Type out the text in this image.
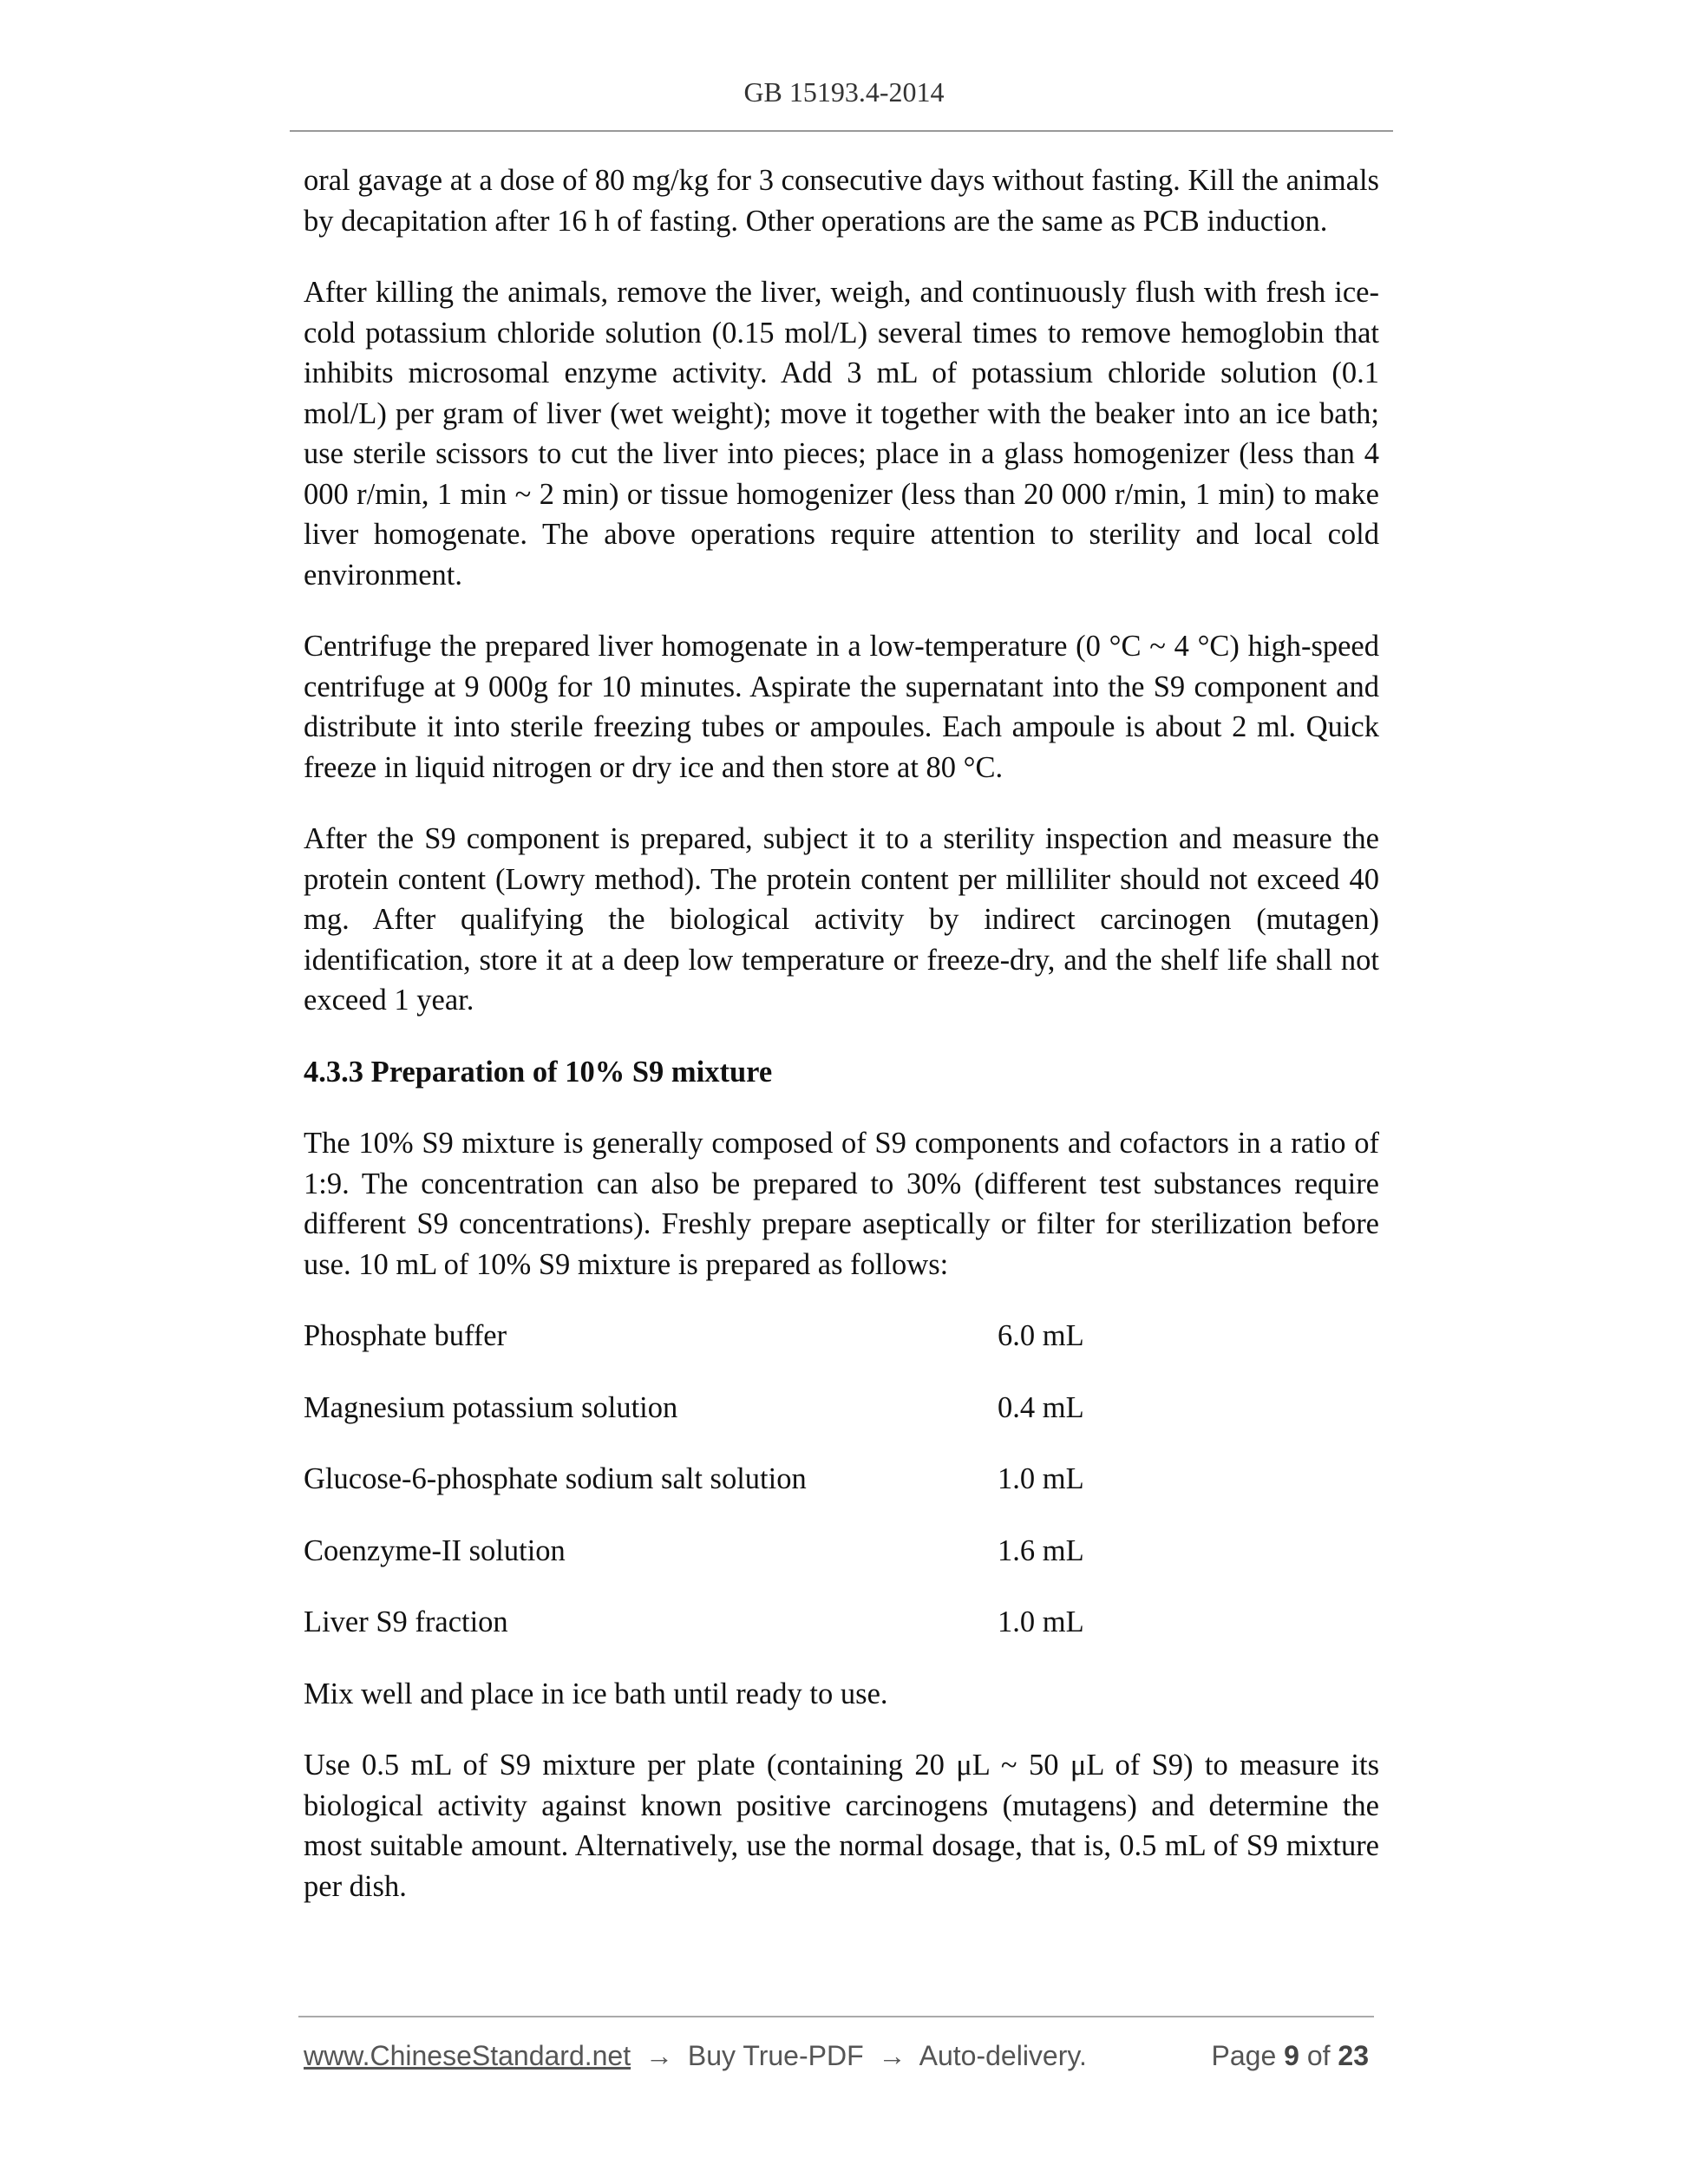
GB 15193.4-2014

oral gavage at a dose of 80 mg/kg for 3 consecutive days without fasting. Kill the animals by decapitation after 16 h of fasting. Other operations are the same as PCB induction.

After killing the animals, remove the liver, weigh, and continuously flush with fresh ice-cold potassium chloride solution (0.15 mol/L) several times to remove hemoglobin that inhibits microsomal enzyme activity. Add 3 mL of potassium chloride solution (0.1 mol/L) per gram of liver (wet weight); move it together with the beaker into an ice bath; use sterile scissors to cut the liver into pieces; place in a glass homogenizer (less than 4 000 r/min, 1 min ~ 2 min) or tissue homogenizer (less than 20 000 r/min, 1 min) to make liver homogenate. The above operations require attention to sterility and local cold environment.

Centrifuge the prepared liver homogenate in a low-temperature (0 °C ~ 4 °C) high-speed centrifuge at 9 000g for 10 minutes. Aspirate the supernatant into the S9 component and distribute it into sterile freezing tubes or ampoules. Each ampoule is about 2 ml. Quick freeze in liquid nitrogen or dry ice and then store at 80 °C.

After the S9 component is prepared, subject it to a sterility inspection and measure the protein content (Lowry method). The protein content per milliliter should not exceed 40 mg. After qualifying the biological activity by indirect carcinogen (mutagen) identification, store it at a deep low temperature or freeze-dry, and the shelf life shall not exceed 1 year.

4.3.3 Preparation of 10% S9 mixture

The 10% S9 mixture is generally composed of S9 components and cofactors in a ratio of 1:9. The concentration can also be prepared to 30% (different test substances require different S9 concentrations). Freshly prepare aseptically or filter for sterilization before use. 10 mL of 10% S9 mixture is prepared as follows:

Phosphate buffer	6.0 mL
Magnesium potassium solution	0.4 mL
Glucose-6-phosphate sodium salt solution	1.0 mL
Coenzyme-II solution	1.6 mL
Liver S9 fraction	1.0 mL

Mix well and place in ice bath until ready to use.

Use 0.5 mL of S9 mixture per plate (containing 20 μL ~ 50 μL of S9) to measure its biological activity against known positive carcinogens (mutagens) and determine the most suitable amount. Alternatively, use the normal dosage, that is, 0.5 mL of S9 mixture per dish.

www.ChineseStandard.net → Buy True-PDF → Auto-delivery.	Page 9 of 23
